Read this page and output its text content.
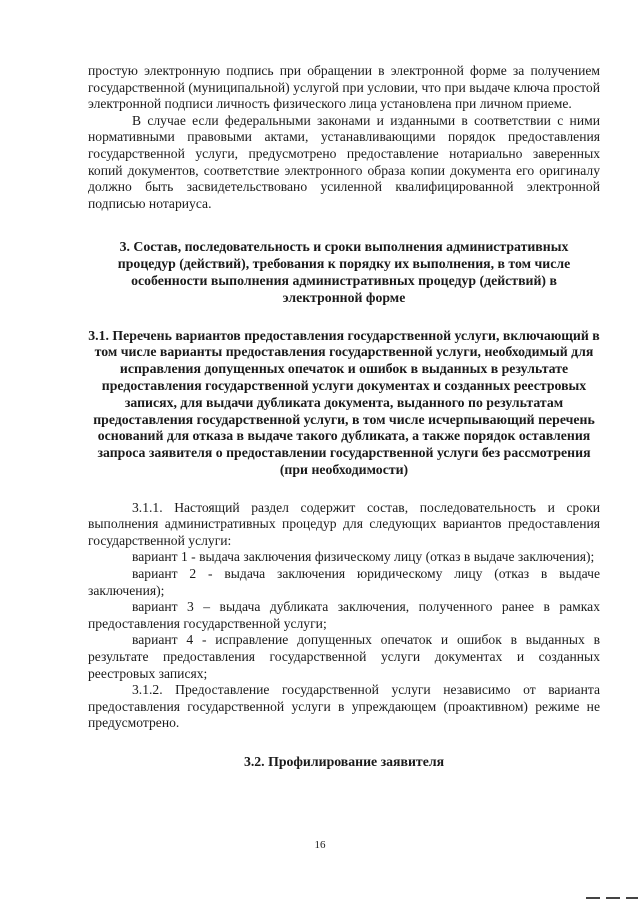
простую электронную подпись при обращении в электронной форме за получением государственной (муниципальной) услугой при условии, что при выдаче ключа простой электронной подписи личность физического лица установлена при личном приеме.

В случае если федеральными законами и изданными в соответствии с ними нормативными правовыми актами, устанавливающими порядок предоставления государственной услуги, предусмотрено предоставление нотариально заверенных копий документов, соответствие электронного образа копии документа его оригиналу должно быть засвидетельствовано усиленной квалифицированной электронной подписью нотариуса.

3. Состав, последовательность и сроки выполнения административных процедур (действий), требования к порядку их выполнения, в том числе особенности выполнения административных процедур (действий) в электронной форме

3.1. Перечень вариантов предоставления государственной услуги, включающий в том числе варианты предоставления государственной услуги, необходимый для исправления допущенных опечаток и ошибок в выданных в результате предоставления государственной услуги документах и созданных реестровых записях, для выдачи дубликата документа, выданного по результатам предоставления государственной услуги, в том числе исчерпывающий перечень оснований для отказа в выдаче такого дубликата, а также порядок оставления запроса заявителя о предоставлении государственной услуги без рассмотрения (при необходимости)

3.1.1. Настоящий раздел содержит состав, последовательность и сроки выполнения административных процедур для следующих вариантов предоставления государственной услуги:

вариант 1 - выдача заключения физическому лицу (отказ в выдаче заключения);

вариант 2 - выдача заключения юридическому лицу (отказ в выдаче заключения);

вариант 3 – выдача дубликата заключения, полученного ранее в рамках предоставления государственной услуги;

вариант 4 - исправление допущенных опечаток и ошибок в выданных в результате предоставления государственной услуги документах и созданных реестровых записях;

3.1.2. Предоставление государственной услуги независимо от варианта предоставления государственной услуги в упреждающем (проактивном) режиме не предусмотрено.

3.2. Профилирование заявителя

16
